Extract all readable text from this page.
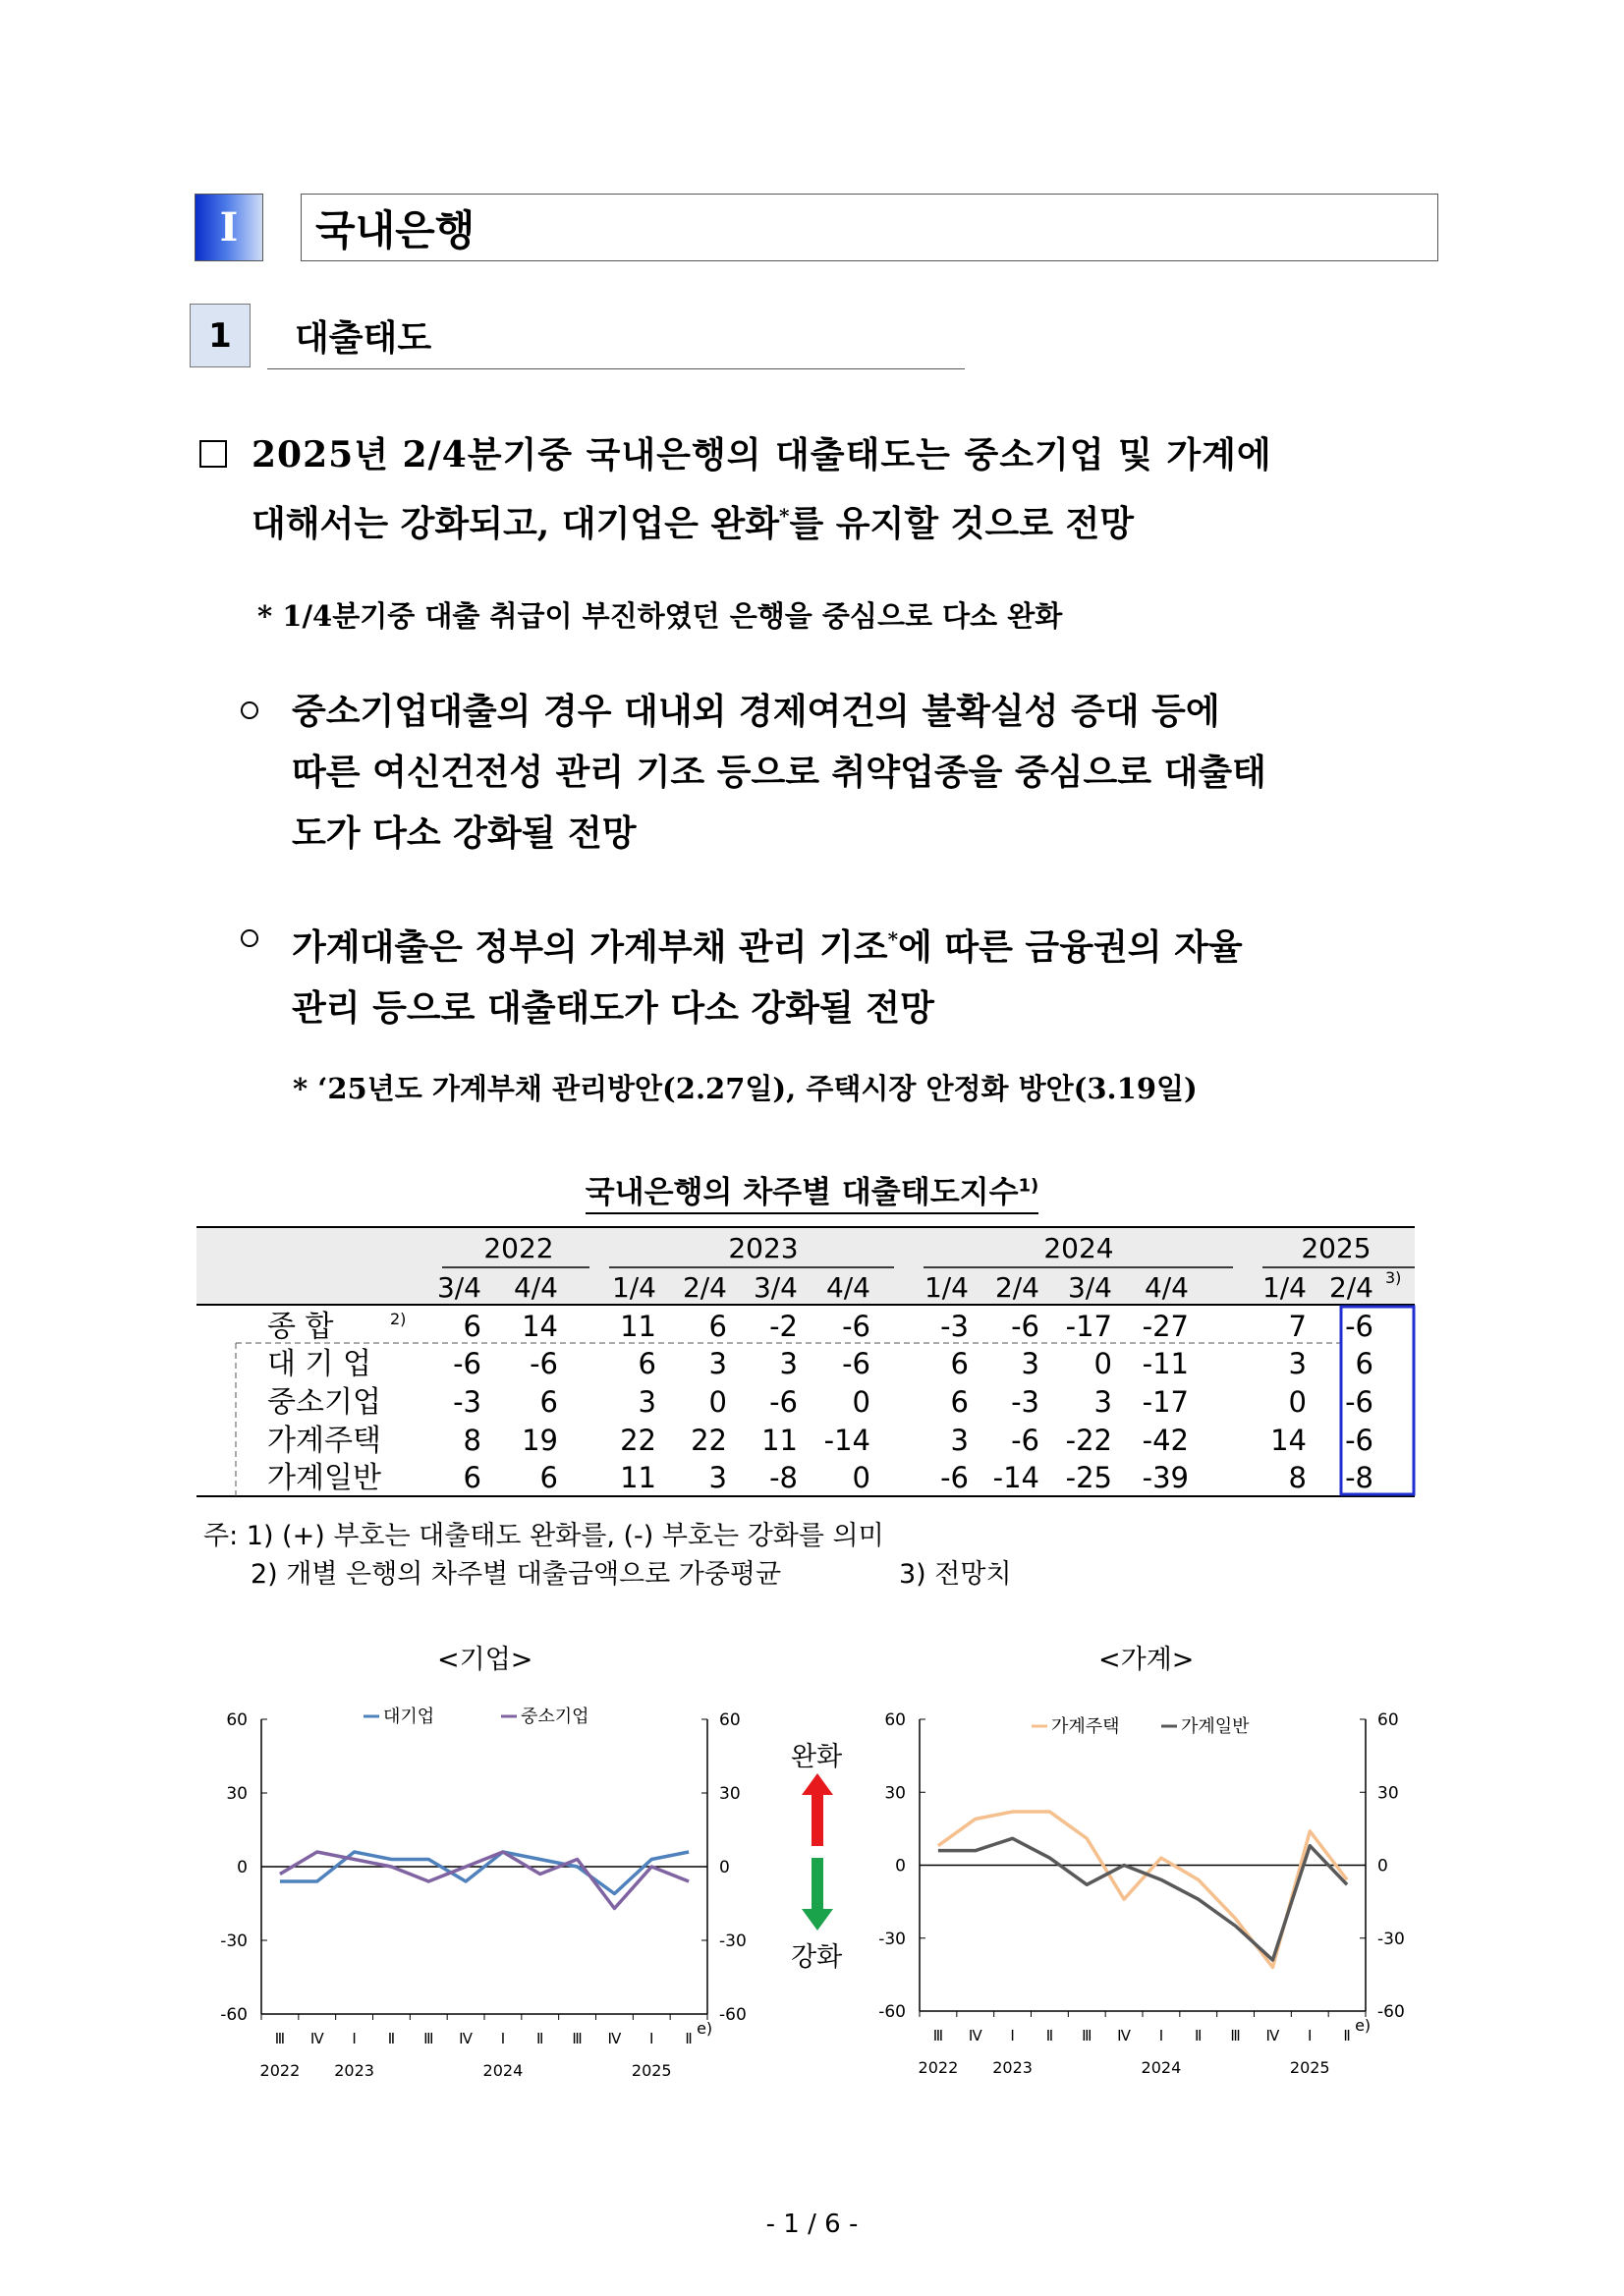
I	국내은행
1	대출태도
2025년 2/4분기중 국내은행의 대출태도는 중소기업 및 가계에
대해서는 강화되고, 대기업은 완화*를 유지할 것으로 전망
* 1/4분기중 대출 취급이 부진하였던 은행을 중심으로 다소 완화
중소기업대출의 경우 대내외 경제여건의 불확실성 증대 등에
따른 여신건전성 관리 기조 등으로 취약업종을 중심으로 대출태
도가 다소 강화될 전망
가계대출은 정부의 가계부채 관리 기조*에 따른 금융권의 자율
관리 등으로 대출태도가 다소 강화될 전망
* ‘25년도 가계부채 관리방안(2.27일), 주택시장 안정화 방안(3.19일)
국내은행의 차주별 대출태도지수$^{1)}$
2022	2023	2024	2025
3/4 4/4 1/4 2/4 3/4 4/4 1/4 2/4 3/4 4/4	1/4 2/4 3)
종 합	2) 6 14 11 6 -2 -6 -3 -6 -17 -27	7 -6
대 기 업	-6 -6	6 3 3 -6	6 3 0 -11	3 6
중소기업	-3 6	3 0 -6 0	6 -3 3 -17	0 -6
가계주택	8 19 22 22 11 -14	3 -6 -22 -42	14 -6
가계일반	6 6 11 3 -8 0 -6 -14 -25 -39	8 -8
주: 1) (+) 부호는 대출태도 완화를, (-) 부호는 강화를 의미
2) 개별 은행의 차주별 대출금액으로 가중평균	3) 전망치
<기업>	<가계>
60	60
30	30
0	0
-30	-30
-60	-60
Ⅲ Ⅳ Ⅰ Ⅱ Ⅲ Ⅳ Ⅰ Ⅱ Ⅲ Ⅳ Ⅰ Ⅱ
e)
2022 2023	2024	2025
대기업	중소기업	60	60
30	30
0	0
-30	-30
-60	-60
Ⅲ Ⅳ Ⅰ Ⅱ Ⅲ Ⅳ Ⅰ Ⅱ Ⅲ Ⅳ Ⅰ Ⅱ
e)
2022 2023	2024	2025
가계주택	가계일반
완화
강화
- 1 / 6 -
